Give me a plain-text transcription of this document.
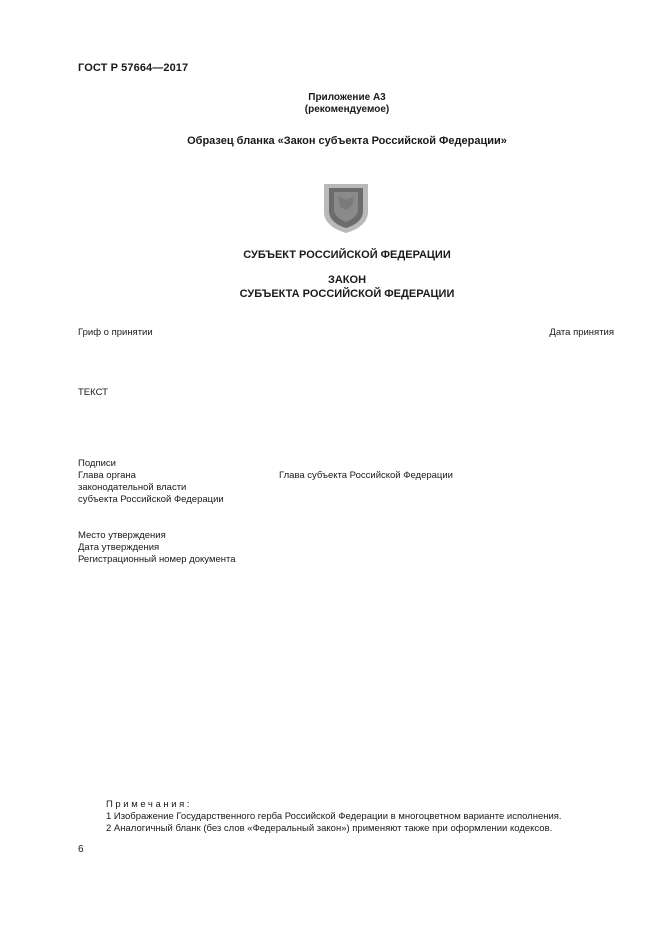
ГОСТ Р 57664—2017
Приложение А3
(рекомендуемое)
Образец бланка «Закон субъекта Российской Федерации»
СУБЪЕКТ РОССИЙСКОЙ ФЕДЕРАЦИИ
ЗАКОН
СУБЪЕКТА РОССИЙСКОЙ ФЕДЕРАЦИИ
Гриф о принятии	Дата принятия
ТЕКСТ
Подписи
Глава органа
законодательной власти
субъекта Российской Федерации
Глава субъекта Российской Федерации
Место утверждения
Дата утверждения
Регистрационный номер документа
Примечания:
1 Изображение Государственного герба Российской Федерации в многоцветном варианте исполнения.
2 Аналогичный бланк (без слов «Федеральный закон») применяют также при оформлении кодексов.
6
